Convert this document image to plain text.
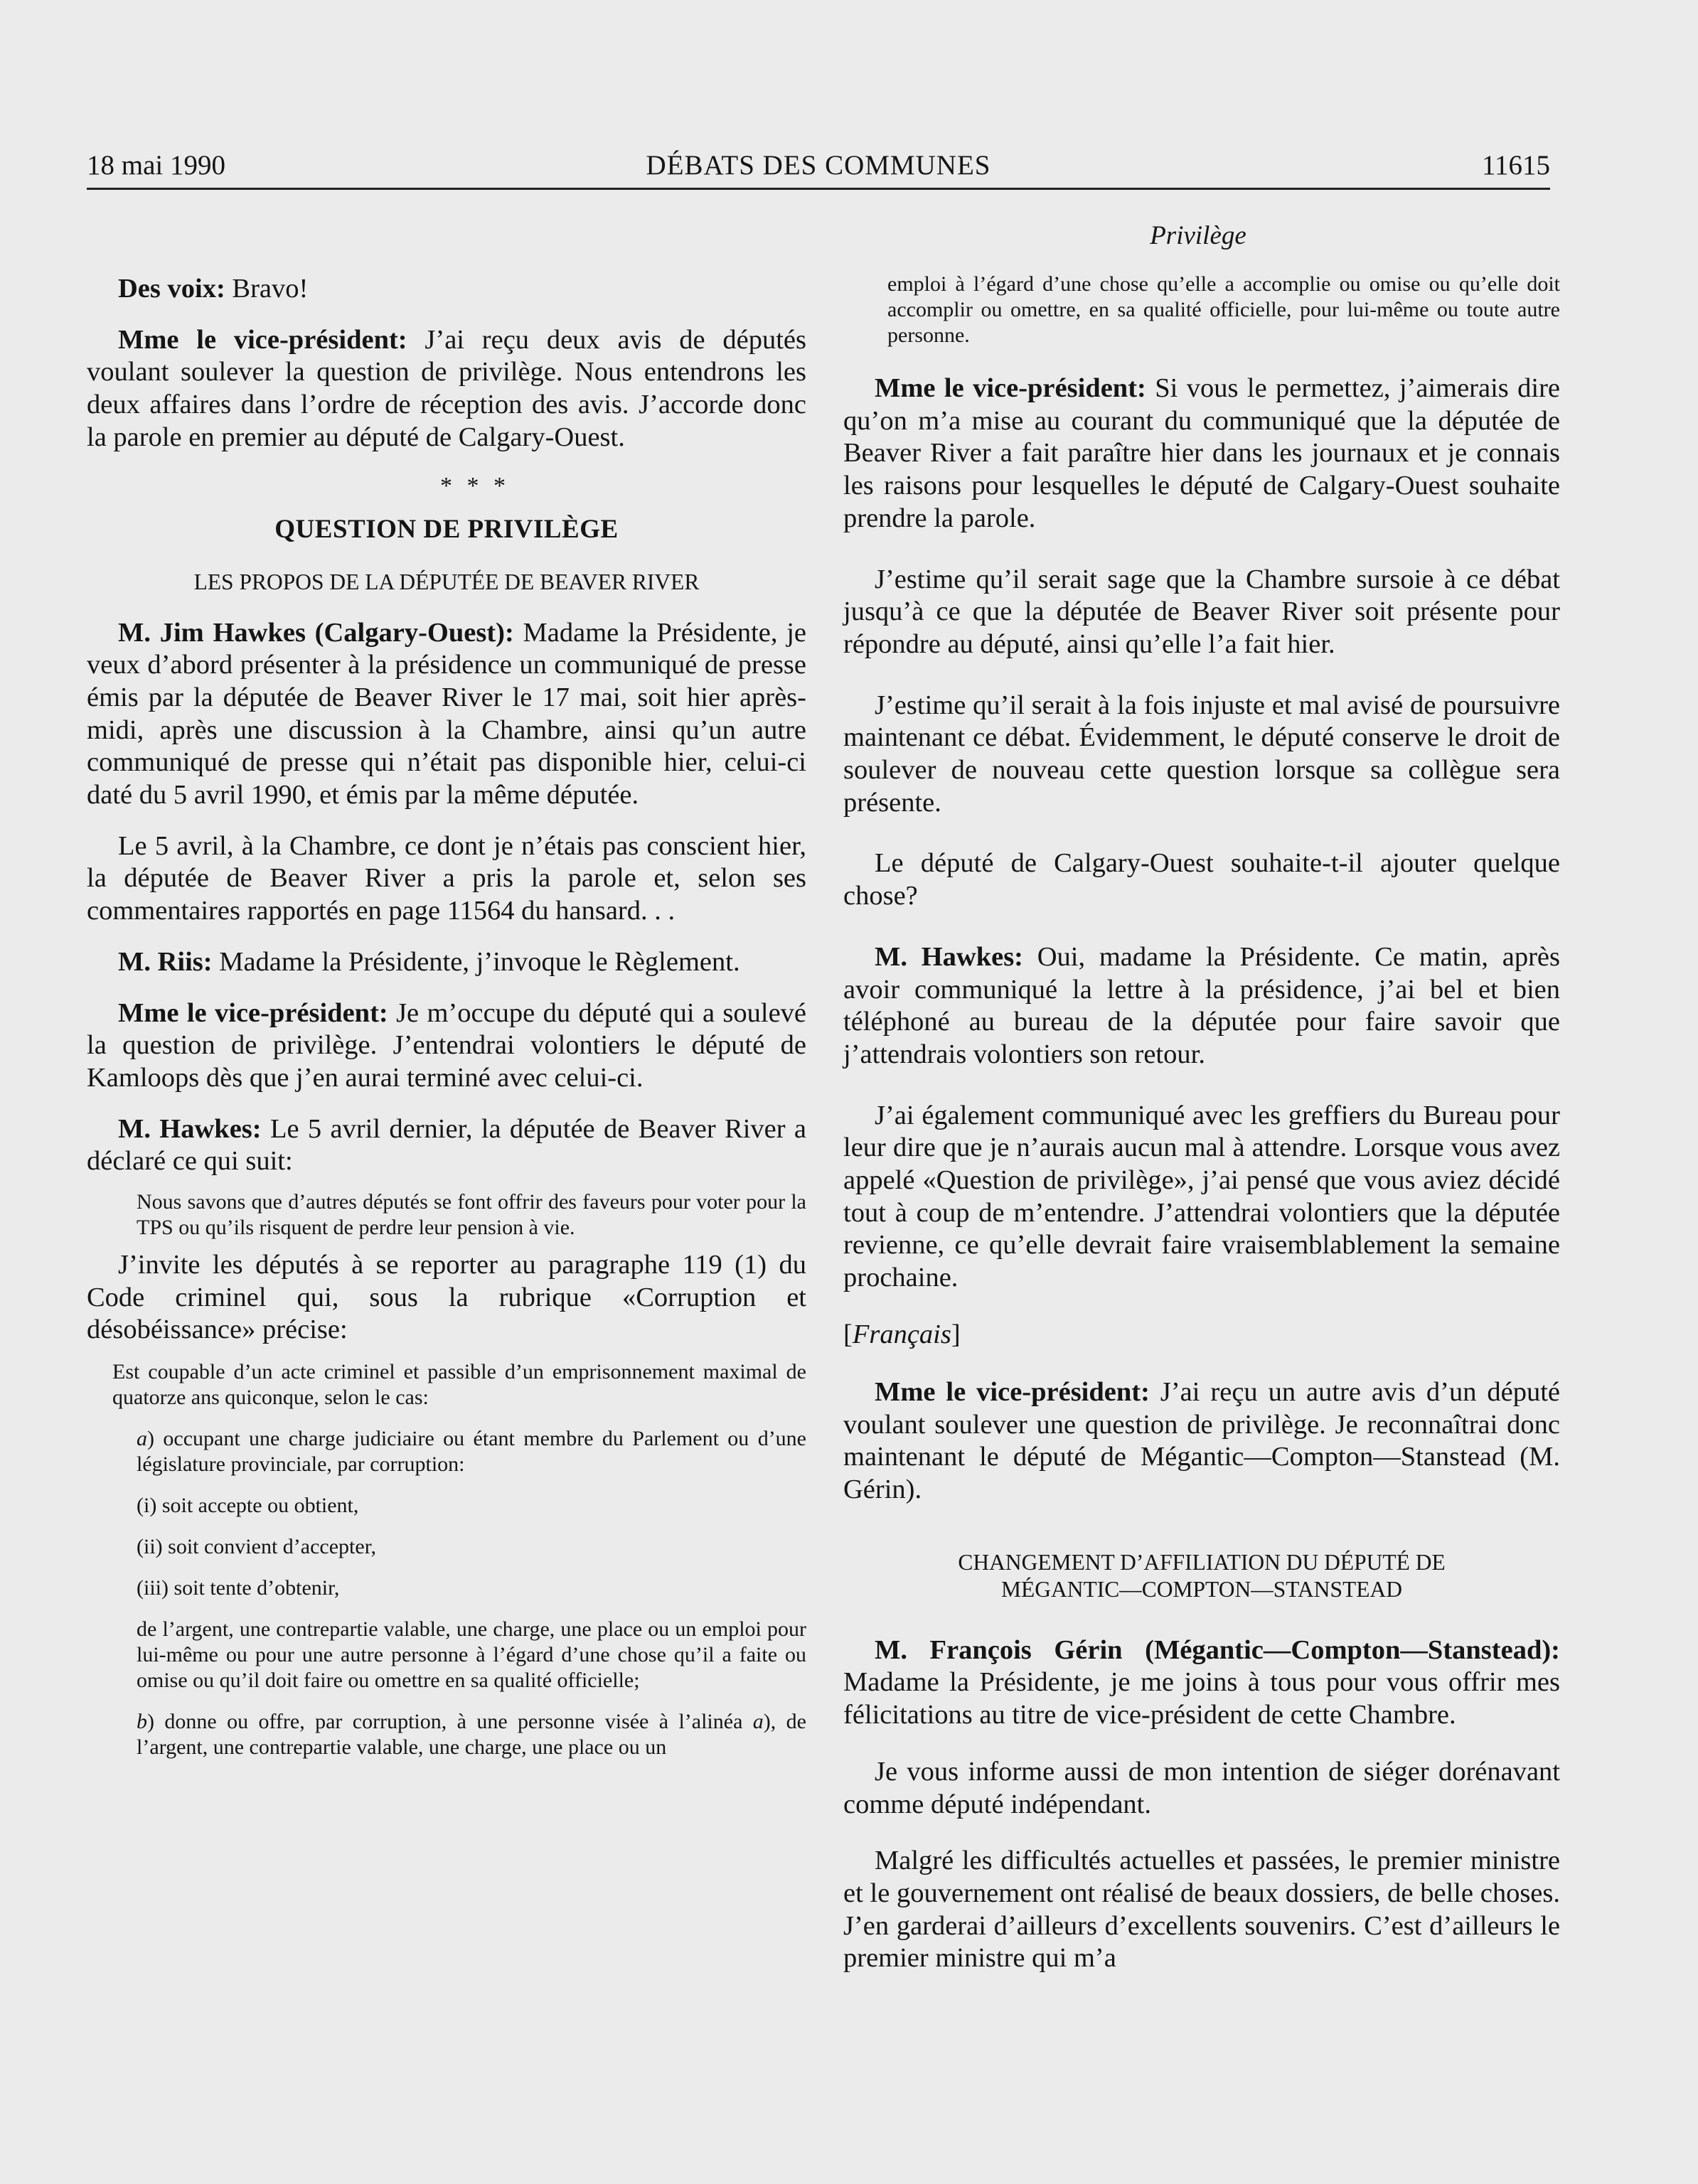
18 mai 1990	DÉBATS DES COMMUNES	11615
Privilège

Des voix: Bravo!

Mme le vice-président: J’ai reçu deux avis de députés voulant soulever la question de privilège. Nous entendrons les deux affaires dans l’ordre de réception des avis. J’accorde donc la parole en premier au député de Calgary-Ouest.

* * *
QUESTION DE PRIVILÈGE
LES PROPOS DE LA DÉPUTÉE DE BEAVER RIVER

M. Jim Hawkes (Calgary-Ouest): Madame la Présidente, je veux d’abord présenter à la présidence un communiqué de presse émis par la députée de Beaver River le 17 mai, soit hier après-midi, après une discussion à la Chambre, ainsi qu’un autre communiqué de presse qui n’était pas disponible hier, celui-ci daté du 5 avril 1990, et émis par la même députée.

Le 5 avril, à la Chambre, ce dont je n’étais pas conscient hier, la députée de Beaver River a pris la parole et, selon ses commentaires rapportés en page 11564 du hansard. . .

M. Riis: Madame la Présidente, j’invoque le Règlement.

Mme le vice-président: Je m’occupe du député qui a soulevé la question de privilège. J’entendrai volontiers le député de Kamloops dès que j’en aurai terminé avec celui-ci.

M. Hawkes: Le 5 avril dernier, la députée de Beaver River a déclaré ce qui suit:

Nous savons que d’autres députés se font offrir des faveurs pour voter pour la TPS ou qu’ils risquent de perdre leur pension à vie.

J’invite les députés à se reporter au paragraphe 119 (1) du Code criminel qui, sous la rubrique «Corruption et désobéissance» précise:

Est coupable d’un acte criminel et passible d’un emprisonnement maximal de quatorze ans quiconque, selon le cas:

a) occupant une charge judiciaire ou étant membre du Parlement ou d’une législature provinciale, par corruption:

(i) soit accepte ou obtient,

(ii) soit convient d’accepter,

(iii) soit tente d’obtenir,

de l’argent, une contrepartie valable, une charge, une place ou un emploi pour lui-même ou pour une autre personne à l’égard d’une chose qu’il a faite ou omise ou qu’il doit faire ou omettre en sa qualité officielle;

b) donne ou offre, par corruption, à une personne visée à l’alinéa a), de l’argent, une contrepartie valable, une charge, une place ou un

emploi à l’égard d’une chose qu’elle a accomplie ou omise ou qu’elle doit accomplir ou omettre, en sa qualité officielle, pour lui-même ou toute autre personne.

Mme le vice-président: Si vous le permettez, j’aimerais dire qu’on m’a mise au courant du communiqué que la députée de Beaver River a fait paraître hier dans les journaux et je connais les raisons pour lesquelles le député de Calgary-Ouest souhaite prendre la parole.

J’estime qu’il serait sage que la Chambre sursoie à ce débat jusqu’à ce que la députée de Beaver River soit présente pour répondre au député, ainsi qu’elle l’a fait hier.

J’estime qu’il serait à la fois injuste et mal avisé de poursuivre maintenant ce débat. Évidemment, le député conserve le droit de soulever de nouveau cette question lorsque sa collègue sera présente.

Le député de Calgary-Ouest souhaite-t-il ajouter quelque chose?

M. Hawkes: Oui, madame la Présidente. Ce matin, après avoir communiqué la lettre à la présidence, j’ai bel et bien téléphoné au bureau de la députée pour faire savoir que j’attendrais volontiers son retour.

J’ai également communiqué avec les greffiers du Bureau pour leur dire que je n’aurais aucun mal à attendre. Lorsque vous avez appelé «Question de privilège», j’ai pensé que vous aviez décidé tout à coup de m’entendre. J’attendrai volontiers que la députée revienne, ce qu’elle devrait faire vraisemblablement la semaine prochaine.

[Français]

Mme le vice-président: J’ai reçu un autre avis d’un député voulant soulever une question de privilège. Je reconnaîtrai donc maintenant le député de Mégantic—Compton—Stanstead (M. Gérin).

CHANGEMENT D’AFFILIATION DU DÉPUTÉ DE
MÉGANTIC—COMPTON—STANSTEAD

M. François Gérin (Mégantic—Compton—Stanstead): Madame la Présidente, je me joins à tous pour vous offrir mes félicitations au titre de vice-président de cette Chambre.

Je vous informe aussi de mon intention de siéger dorénavant comme député indépendant.

Malgré les difficultés actuelles et passées, le premier ministre et le gouvernement ont réalisé de beaux dossiers, de belle choses. J’en garderai d’ailleurs d’excellents souvenirs. C’est d’ailleurs le premier ministre qui m’a
